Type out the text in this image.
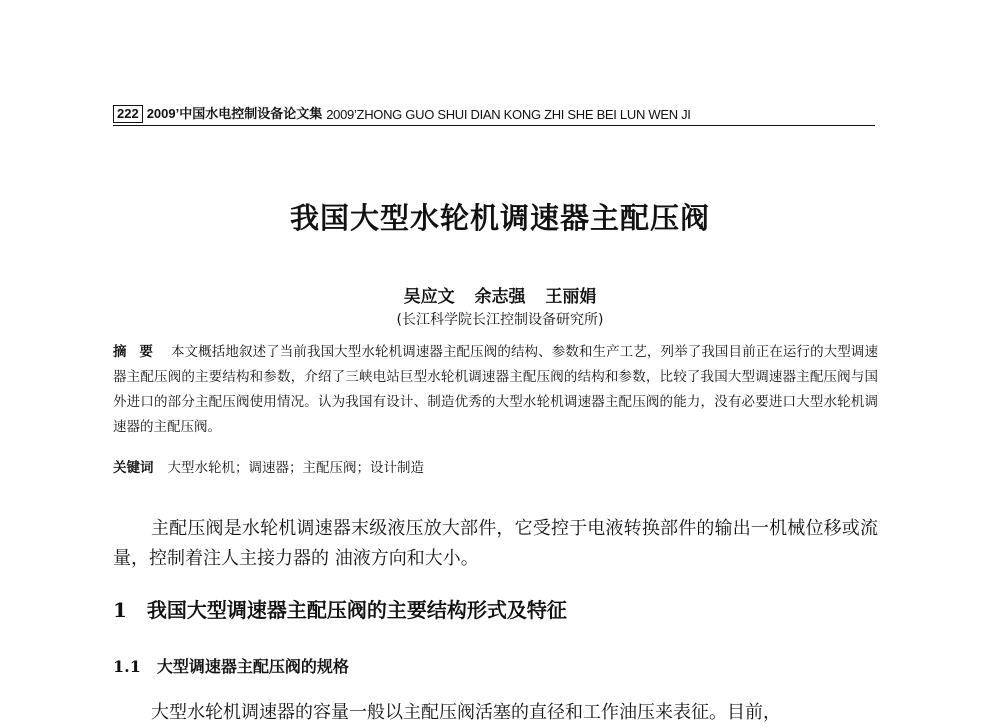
222 2009’中国水电控制设备论文集 2009’ZHONG GUO SHUI DIAN KONG ZHI SHE BEI LUN WEN JI
我国大型水轮机调速器主配压阀
吴应文 余志强 王丽娟
(长江科学院长江控制设备研究所)
摘 要 本文概括地叙述了当前我国大型水轮机调速器主配压阀的结构、参数和生产工艺，列举了我国目前正在运行的大型调速器主配压阀的主要结构和参数，介绍了三峡电站巨型水轮机调速器主配压阀的结构和参数，比较了我国大型调速器主配压阀与国外进口的部分主配压阀使用情况。认为我国有设计、制造优秀的大型水轮机调速器主配压阀的能力，没有必要进口大型水轮机调速器的主配压阀。
关键词 大型水轮机；调速器；主配压阀；设计制造
主配压阀是水轮机调速器末级液压放大部件，它受控于电液转换部件的输出一机械位移或流量，控制着注人主接力器的 油液方向和大小。
1 我国大型调速器主配压阀的主要结构形式及特征
1.1 大型调速器主配压阀的规格
大型水轮机调速器的容量一般以主配压阀活塞的直径和工作油压来表征。目前，
